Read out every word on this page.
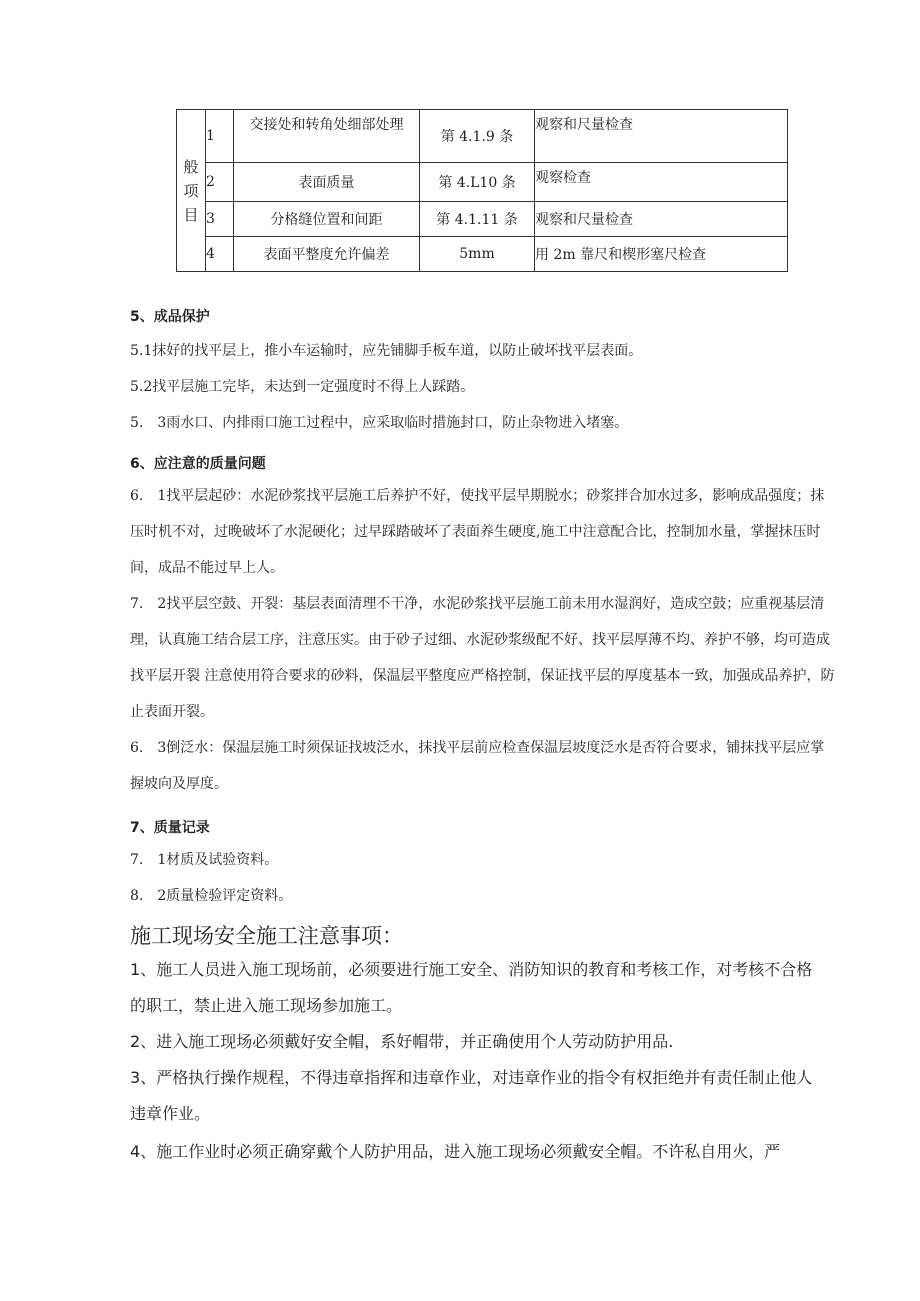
般项目	1	交接处和转角处细部处理	第 4.1.9 条	观察和尺量检查
	2	表面质量	第 4.L10 条	观察检查
	3	分格缝位置和间距	第 4.1.11 条	观察和尺量检查
	4	表面平整度允许偏差	5mm	用 2m 靠尺和楔形塞尺检查
5、成品保护
5.1抹好的找平层上，推小车运输时，应先铺脚手板车道，以防止破坏找平层表面。
5.2找平层施工完毕，未达到一定强度时不得上人踩踏。
5.　3雨水口、内排雨口施工过程中，应采取临时措施封口，防止杂物进入堵塞。
6、应注意的质量问题
6.　1找平层起砂：水泥砂浆找平层施工后养护不好，使找平层早期脱水；砂浆拌合加水过多，影响成品强度；抹压时机不对，过晚破坏了水泥硬化；过早踩踏破坏了表面养生硬度,施工中注意配合比，控制加水量，掌握抹压时间，成品不能过早上人。
7.　2找平层空鼓、开裂：基层表面清理不干净，水泥砂浆找平层施工前未用水湿润好，造成空鼓；应重视基层清理，认真施工结合层工序，注意压实。由于砂子过细、水泥砂浆级配不好、找平层厚薄不均、养护不够，均可造成找平层开裂 注意使用符合要求的砂料，保温层平整度应严格控制，保证找平层的厚度基本一致，加强成品养护，防止表面开裂。
6.　3倒泛水：保温层施工时须保证找坡泛水，抹找平层前应检查保温层坡度泛水是否符合要求，铺抹找平层应掌握坡向及厚度。
7、质量记录
7.　1材质及试验资料。
8.　2质量检验评定资料。
施工现场安全施工注意事项：
1、施工人员进入施工现场前，必须要进行施工安全、消防知识的教育和考核工作，对考核不合格的职工，禁止进入施工现场参加施工。
2、进入施工现场必须戴好安全帽，系好帽带，并正确使用个人劳动防护用品.
3、严格执行操作规程，不得违章指挥和违章作业，对违章作业的指令有权拒绝并有责任制止他人违章作业。
4、施工作业时必须正确穿戴个人防护用品，进入施工现场必须戴安全帽。不许私自用火，严
